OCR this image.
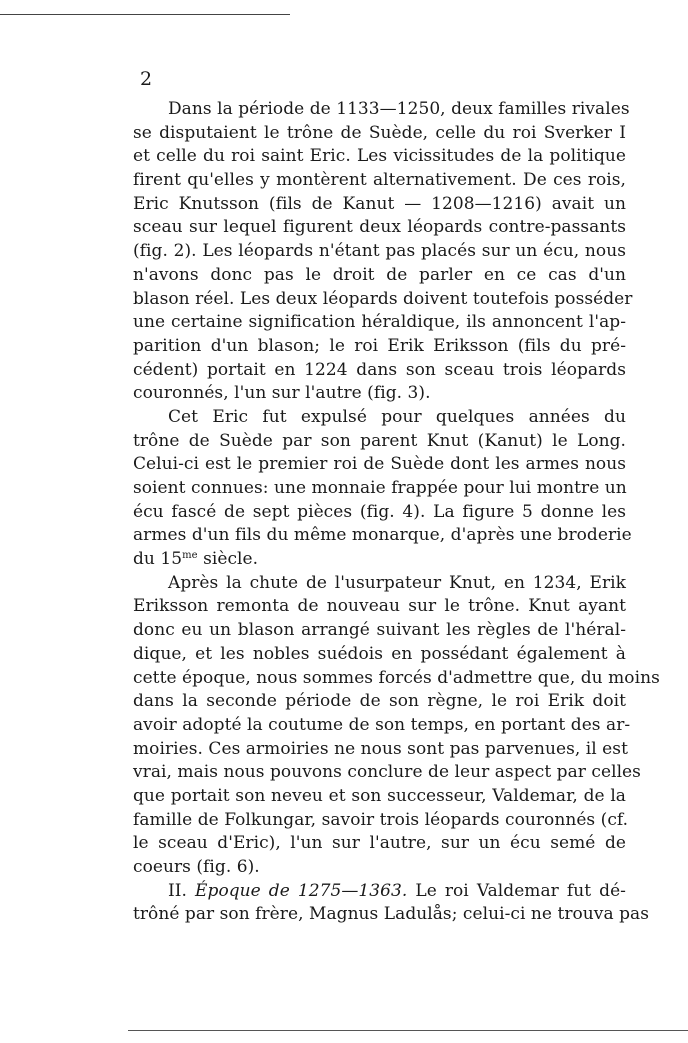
2
Dans la période de 1133—1250, deux familles rivales
se disputaient le trône de Suède, celle du roi Sverker I
et celle du roi saint Eric. Les vicissitudes de la politique
firent qu'elles y montèrent alternativement. De ces rois,
Eric Knutsson (fils de Kanut — 1208—1216) avait un
sceau sur lequel figurent deux léopards contre-passants
(fig. 2). Les léopards n'étant pas placés sur un écu, nous
n'avons donc pas le droit de parler en ce cas d'un
blason réel. Les deux léopards doivent toutefois posséder
une certaine signification héraldique, ils annoncent l'ap-
parition d'un blason; le roi Erik Eriksson (fils du pré-
cédent) portait en 1224 dans son sceau trois léopards
couronnés, l'un sur l'autre (fig. 3).
Cet Eric fut expulsé pour quelques années du
trône de Suède par son parent Knut (Kanut) le Long.
Celui-ci est le premier roi de Suède dont les armes nous
soient connues: une monnaie frappée pour lui montre un
écu fascé de sept pièces (fig. 4). La figure 5 donne les
armes d'un fils du même monarque, d'après une broderie
du $15^{me}$ siècle.
Après la chute de l'usurpateur Knut, en 1234, Erik
Eriksson remonta de nouveau sur le trône. Knut ayant
donc eu un blason arrangé suivant les règles de l'héral-
dique, et les nobles suédois en possédant également à
cette époque, nous sommes forcés d'admettre que, du moins
dans la seconde période de son règne, le roi Erik doit
avoir adopté la coutume de son temps, en portant des ar-
moiries. Ces armoiries ne nous sont pas parvenues, il est
vrai, mais nous pouvons conclure de leur aspect par celles
que portait son neveu et son successeur, Valdemar, de la
famille de Folkungar, savoir trois léopards couronnés (cf.
le sceau d'Eric), l'un sur l'autre, sur un écu semé de
coeurs (fig. 6).
II. Époque de 1275—1363. Le roi Valdemar fut dé-
trôné par son frère, Magnus Ladulås; celui-ci ne trouva pas
